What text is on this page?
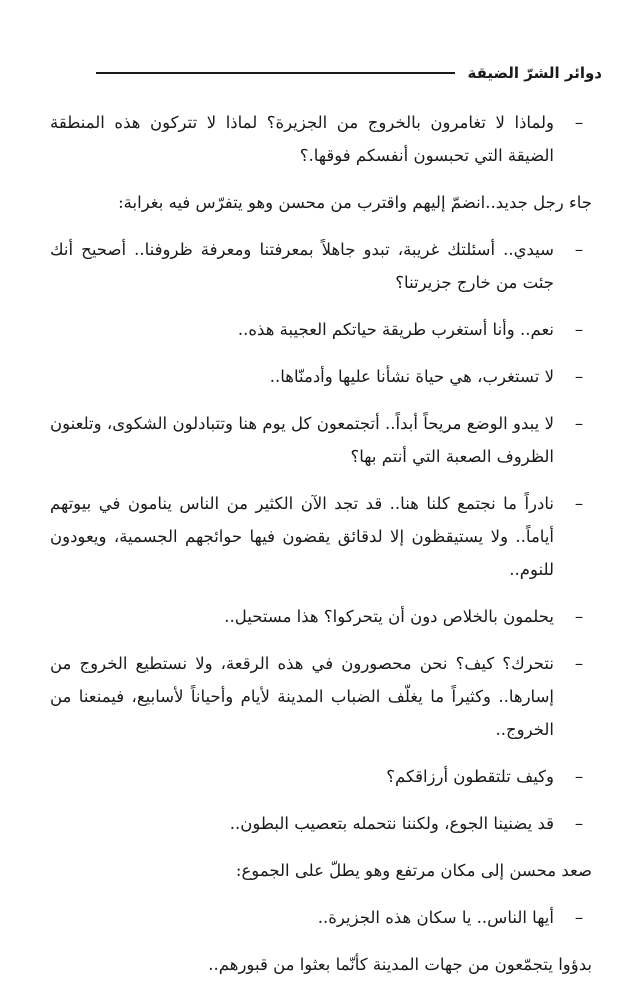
دوائر الشرّ الضيقة

–
ولماذا لا تغامرون بالخروج من الجزيرة؟ لماذا لا تتركون هذه المنطقة الضيقة التي تحبسون أنفسكم فوقها.؟

جاء رجل جديد..انضمّ إليهم واقترب من محسن وهو يتفرّس فيه بغرابة:

–
سيدي.. أسئلتك غريبة، تبدو جاهلاً بمعرفتنا ومعرفة ظروفنا.. أصحيح أنك جئت من خارج جزيرتنا؟

–
نعم.. وأنا أستغرب طريقة حياتكم العجيبة هذه..

–
لا تستغرب، هي حياة نشأنا عليها وأدمنّاها..

–
لا يبدو الوضع مريحاً أبداً.. أتجتمعون كل يوم هنا وتتبادلون الشكوى، وتلعنون الظروف الصعبة التي أنتم بها؟

–
نادراً ما نجتمع كلنا هنا.. قد تجد الآن الكثير من الناس ينامون في بيوتهم أياماً.. ولا يستيقظون إلا لدقائق يقضون فيها حوائجهم الجسمية، ويعودون للنوم..

–
يحلمون بالخلاص دون أن يتحركوا؟ هذا مستحيل..

–
نتحرك؟ كيف؟ نحن محصورون في هذه الرقعة، ولا نستطيع الخروج من إسارها.. وكثيراً ما يغلّف الضباب المدينة لأيام وأحياناً لأسابيع، فيمنعنا من الخروج..

–
وكيف تلتقطون أرزاقكم؟

–
قد يضنينا الجوع، ولكننا نتحمله بتعصيب البطون..

صعد محسن إلى مكان مرتفع وهو يطلّ على الجموع:

–
أيها الناس.. يا سكان هذه الجزيرة..

بدؤوا يتجمّعون من جهات المدينة كأنّما بعثوا من قبورهم..
